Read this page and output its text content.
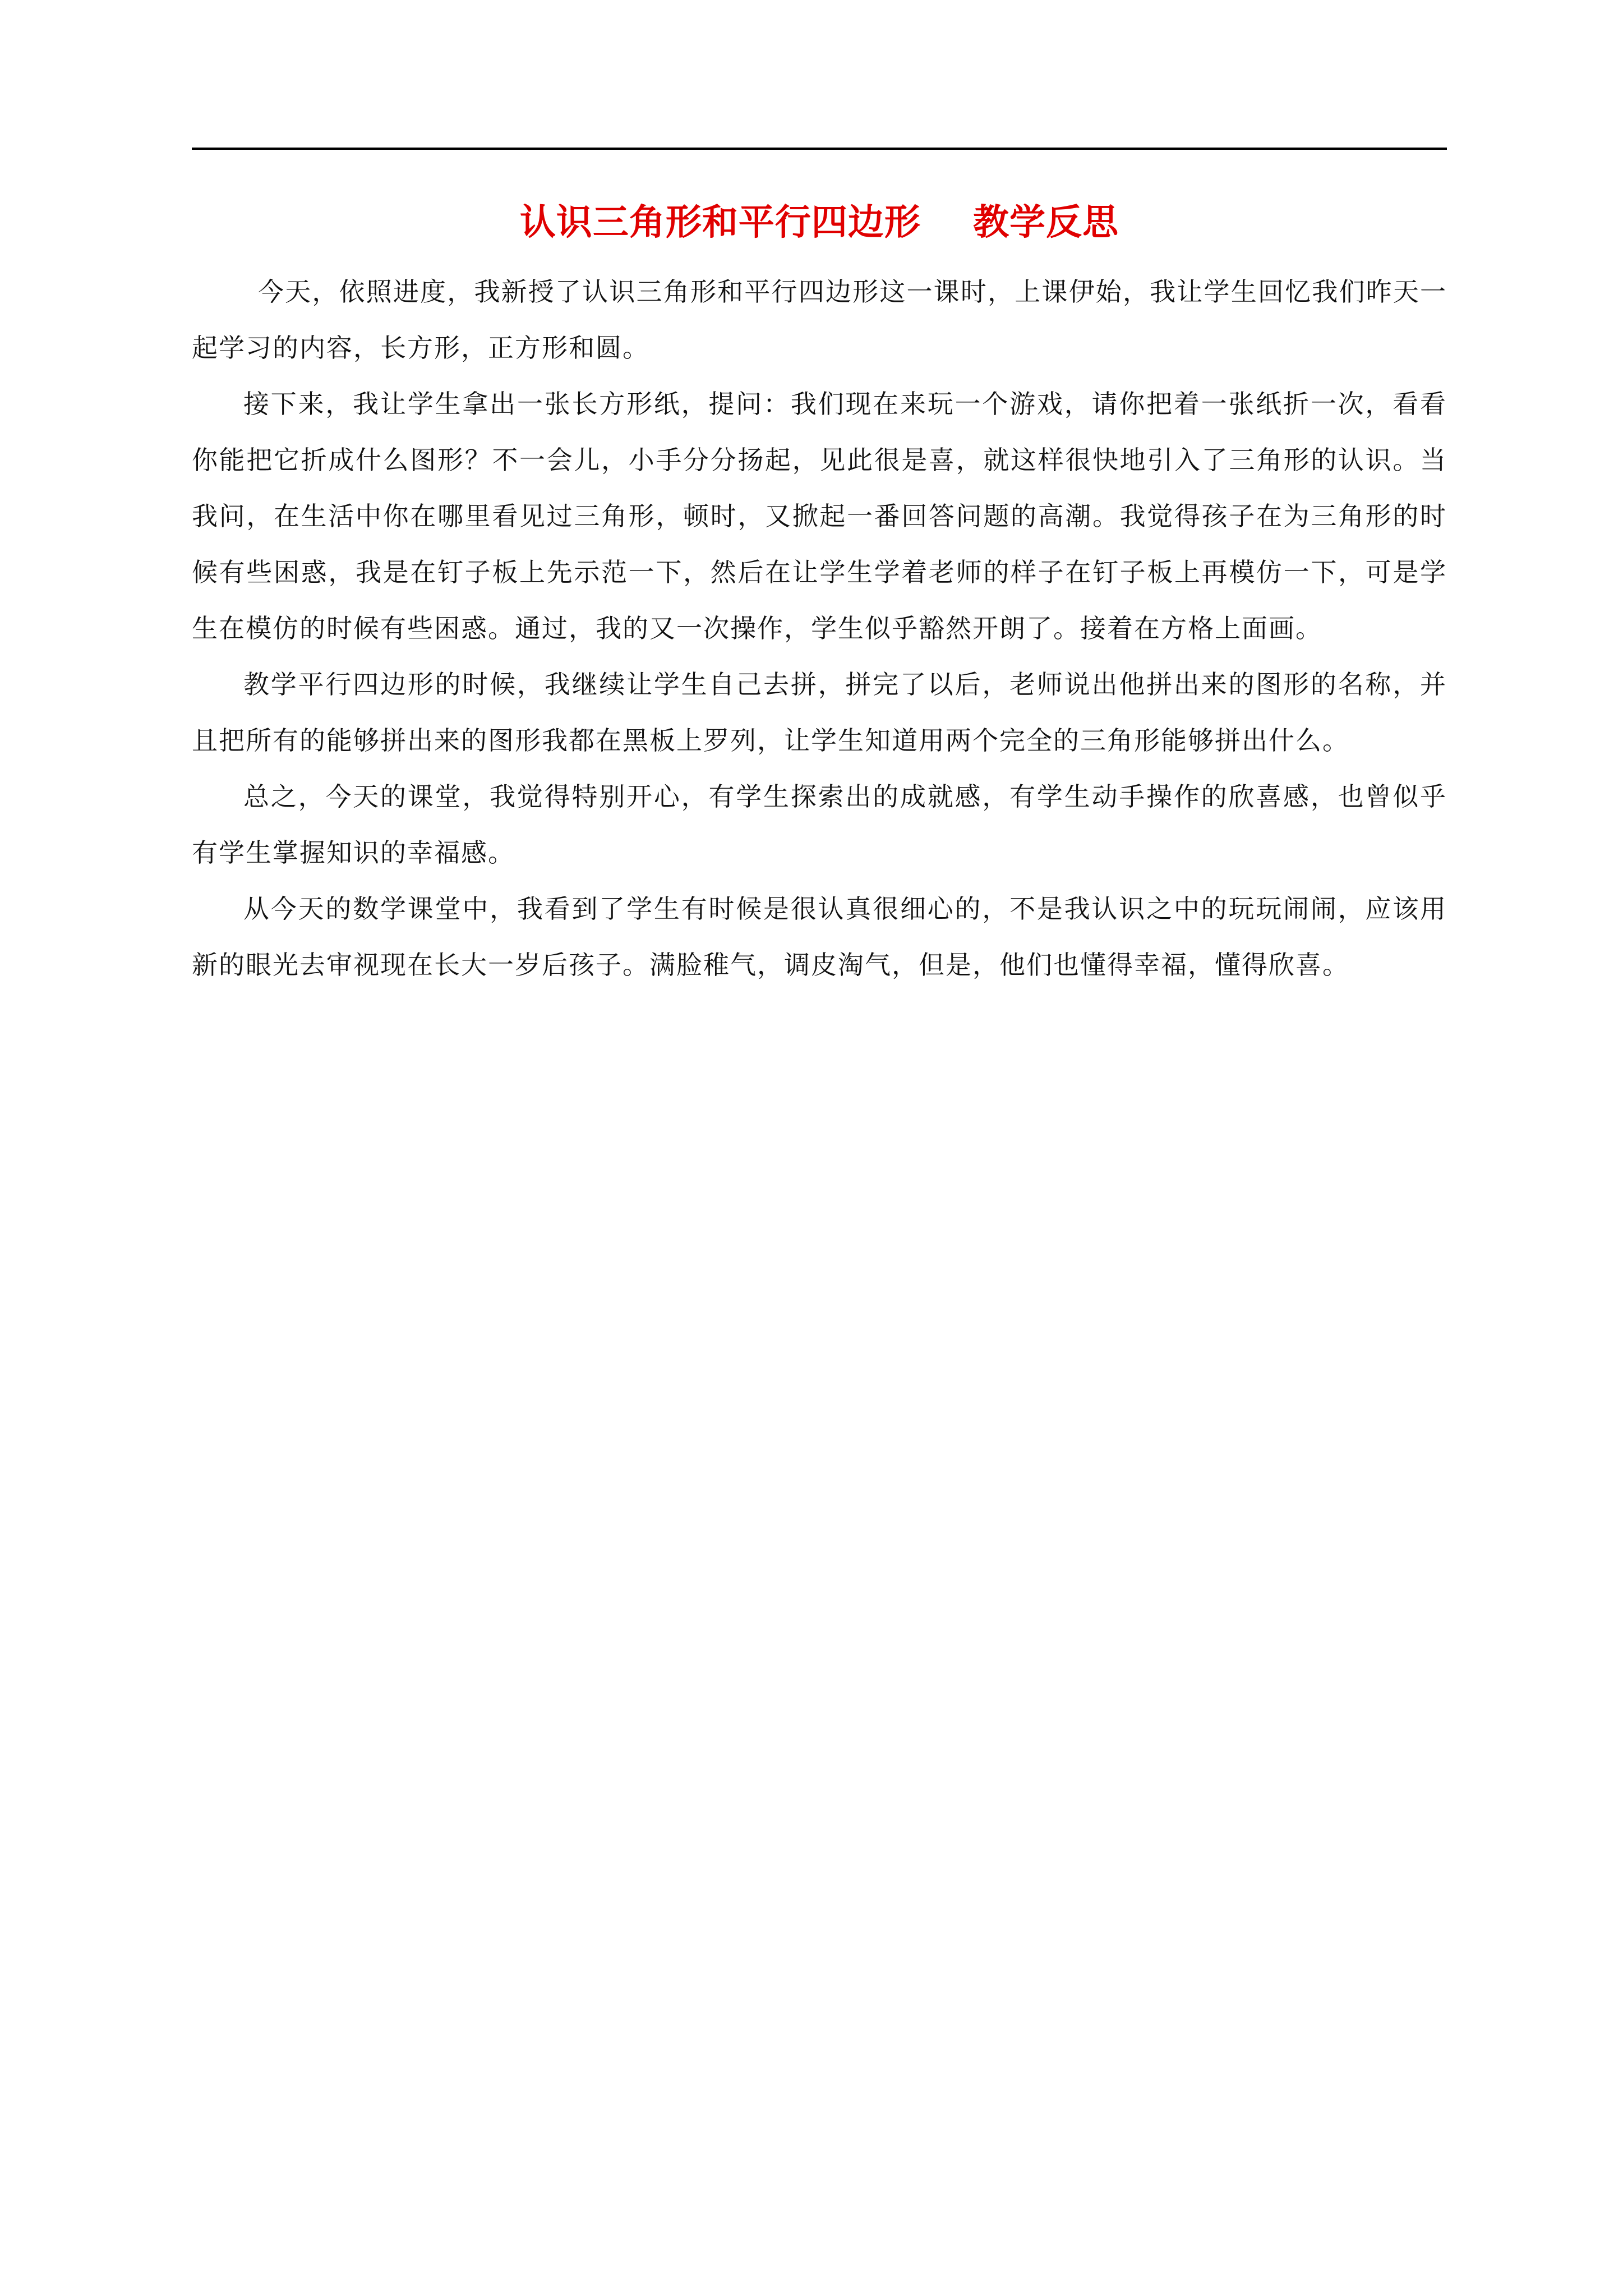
认识三角形和平行四边形    教学反思

今天，依照进度，我新授了认识三角形和平行四边形这一课时，上课伊始，我让学生回忆我们昨天一起学习的内容，长方形，正方形和圆。

接下来，我让学生拿出一张长方形纸，提问：我们现在来玩一个游戏，请你把着一张纸折一次，看看你能把它折成什么图形？不一会儿，小手分分扬起，见此很是喜，就这样很快地引入了三角形的认识。当我问，在生活中你在哪里看见过三角形，顿时，又掀起一番回答问题的高潮。我觉得孩子在为三角形的时候有些困惑，我是在钉子板上先示范一下，然后在让学生学着老师的样子在钉子板上再模仿一下，可是学生在模仿的时候有些困惑。通过，我的又一次操作，学生似乎豁然开朗了。接着在方格上面画。

教学平行四边形的时候，我继续让学生自己去拼，拼完了以后，老师说出他拼出来的图形的名称，并且把所有的能够拼出来的图形我都在黑板上罗列，让学生知道用两个完全的三角形能够拼出什么。

总之，今天的课堂，我觉得特别开心，有学生探索出的成就感，有学生动手操作的欣喜感，也曾似乎有学生掌握知识的幸福感。

从今天的数学课堂中，我看到了学生有时候是很认真很细心的，不是我认识之中的玩玩闹闹，应该用新的眼光去审视现在长大一岁后孩子。满脸稚气，调皮淘气，但是，他们也懂得幸福，懂得欣喜。
